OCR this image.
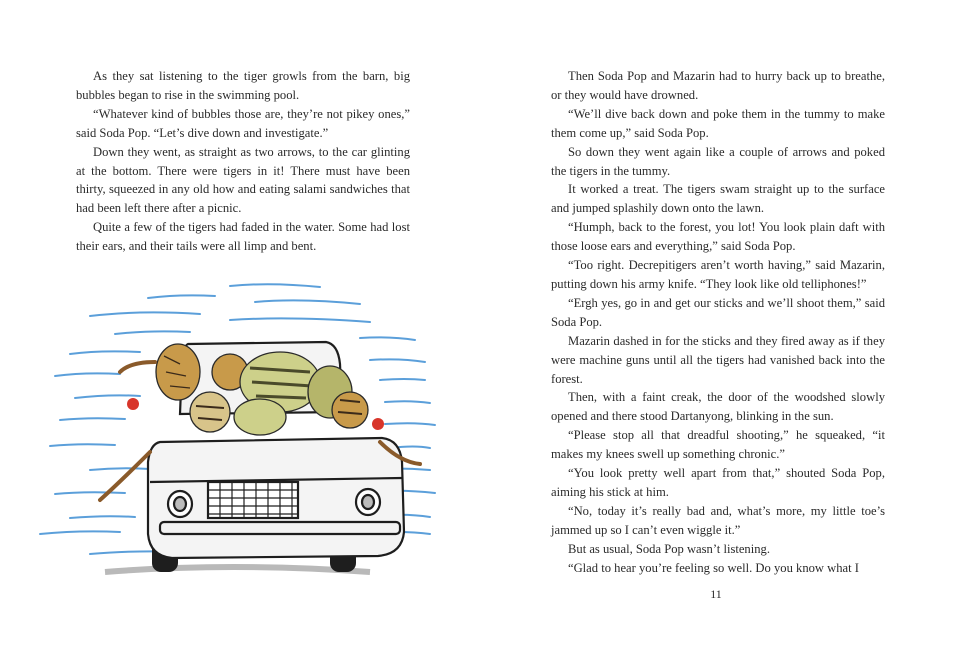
As they sat listening to the tiger growls from the barn, big bubbles began to rise in the swimming pool.

“Whatever kind of bubbles those are, they’re not pikey ones,” said Soda Pop. “Let’s dive down and investigate.”

Down they went, as straight as two arrows, to the car glinting at the bottom. There were tigers in it! There must have been thirty, squeezed in any old how and eating salami sandwiches that had been left there after a picnic.

Quite a few of the tigers had faded in the water. Some had lost their ears, and their tails were all limp and bent.

Then Soda Pop and Mazarin had to hurry back up to breathe, or they would have drowned.

“We’ll dive back down and poke them in the tummy to make them come up,” said Soda Pop.

So down they went again like a couple of arrows and poked the tigers in the tummy.

It worked a treat. The tigers swam straight up to the surface and jumped splashily down onto the lawn.

“Humph, back to the forest, you lot! You look plain daft with those loose ears and everything,” said Soda Pop.

“Too right. Decrepitigers aren’t worth having,” said Mazarin, putting down his army knife. “They look like old telliphones!”

“Ergh yes, go in and get our sticks and we’ll shoot them,” said Soda Pop.

Mazarin dashed in for the sticks and they fired away as if they were machine guns until all the tigers had vanished back into the forest.

Then, with a faint creak, the door of the woodshed slowly opened and there stood Dartanyong, blinking in the sun.

“Please stop all that dreadful shooting,” he squeaked, “it makes my knees swell up something chronic.”

“You look pretty well apart from that,” shouted Soda Pop, aiming his stick at him.

“No, today it’s really bad and, what’s more, my little toe’s jammed up so I can’t even wiggle it.”

But as usual, Soda Pop wasn’t listening.

“Glad to hear you’re feeling so well. Do you know what I

11
